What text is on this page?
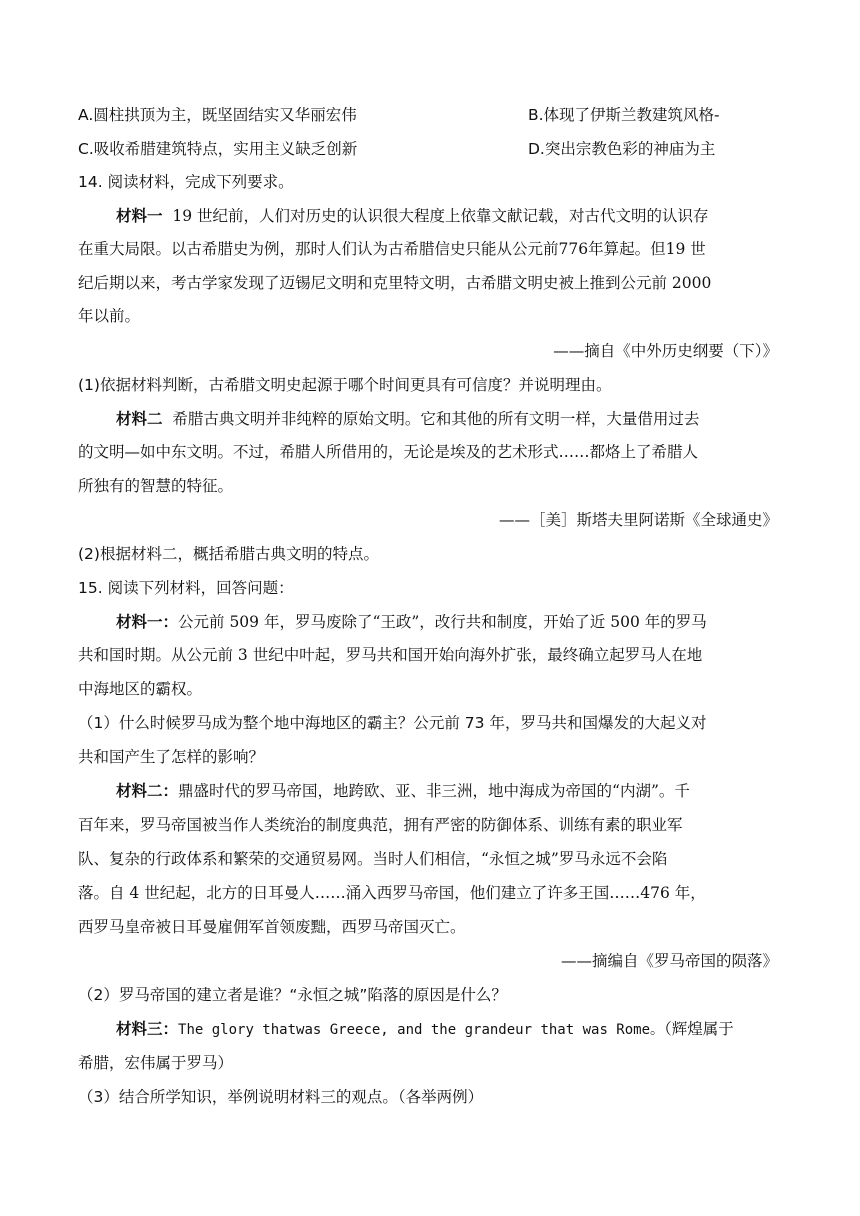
A.圆柱拱顶为主，既坚固结实又华丽宏伟	B.体现了伊斯兰教建筑风格-
C.吸收希腊建筑特点，实用主义缺乏创新	D.突出宗教色彩的神庙为主
14. 阅读材料，完成下列要求。
材料一 19 世纪前，人们对历史的认识很大程度上依靠文献记载，对古代文明的认识存
在重大局限。以古希腊史为例，那时人们认为古希腊信史只能从公元前776年算起。但19 世
纪后期以来，考古学家发现了迈锡尼文明和克里特文明，古希腊文明史被上推到公元前 2000
年以前。
——摘自《中外历史纲要（下）》
(1)依据材料判断，古希腊文明史起源于哪个时间更具有可信度？并说明理由。
材料二 希腊古典文明并非纯粹的原始文明。它和其他的所有文明一样，大量借用过去
的文明—如中东文明。不过，希腊人所借用的，无论是埃及的艺术形式……都烙上了希腊人
所独有的智慧的特征。
——［美］斯塔夫里阿诺斯《全球通史》
(2)根据材料二，概括希腊古典文明的特点。
15. 阅读下列材料，回答问题：
材料一：公元前 509 年，罗马废除了“王政”，改行共和制度，开始了近 500 年的罗马
共和国时期。从公元前 3 世纪中叶起，罗马共和国开始向海外扩张，最终确立起罗马人在地
中海地区的霸权。
（1）什么时候罗马成为整个地中海地区的霸主？公元前 73 年，罗马共和国爆发的大起义对
共和国产生了怎样的影响？
材料二：鼎盛时代的罗马帝国，地跨欧、亚、非三洲，地中海成为帝国的“内湖”。千
百年来，罗马帝国被当作人类统治的制度典范，拥有严密的防御体系、训练有素的职业军
队、复杂的行政体系和繁荣的交通贸易网。当时人们相信，“永恒之城”罗马永远不会陷
落。自 4 世纪起，北方的日耳曼人……涌入西罗马帝国，他们建立了许多王国……476 年，
西罗马皇帝被日耳曼雇佣军首领废黜，西罗马帝国灭亡。
——摘编自《罗马帝国的陨落》
（2）罗马帝国的建立者是谁？“永恒之城”陷落的原因是什么？
材料三：The glory thatwas Greece, and the grandeur that was Rome。（辉煌属于
希腊，宏伟属于罗马）
（3）结合所学知识，举例说明材料三的观点。（各举两例）
